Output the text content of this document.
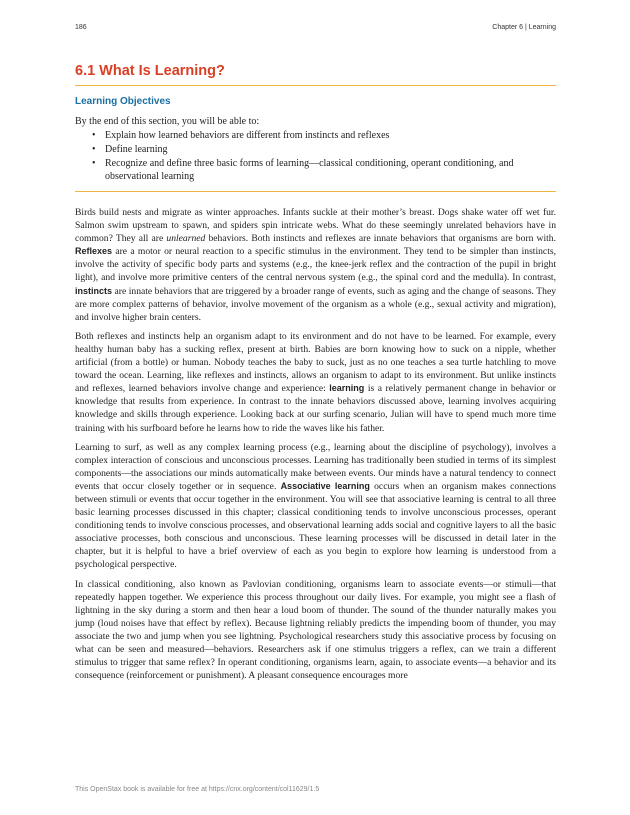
186	Chapter 6 | Learning
6.1 What Is Learning?
Learning Objectives

By the end of this section, you will be able to:

• Explain how learned behaviors are different from instincts and reflexes
• Define learning
• Recognize and define three basic forms of learning—classical conditioning, operant conditioning, and observational learning

Birds build nests and migrate as winter approaches. Infants suckle at their mother’s breast. Dogs shake water off wet fur. Salmon swim upstream to spawn, and spiders spin intricate webs. What do these seemingly unrelated behaviors have in common? They all are unlearned behaviors. Both instincts and reflexes are innate behaviors that organisms are born with. Reflexes are a motor or neural reaction to a specific stimulus in the environment. They tend to be simpler than instincts, involve the activity of specific body parts and systems (e.g., the knee-jerk reflex and the contraction of the pupil in bright light), and involve more primitive centers of the central nervous system (e.g., the spinal cord and the medulla). In contrast, instincts are innate behaviors that are triggered by a broader range of events, such as aging and the change of seasons. They are more complex patterns of behavior, involve movement of the organism as a whole (e.g., sexual activity and migration), and involve higher brain centers.

Both reflexes and instincts help an organism adapt to its environment and do not have to be learned. For example, every healthy human baby has a sucking reflex, present at birth. Babies are born knowing how to suck on a nipple, whether artificial (from a bottle) or human. Nobody teaches the baby to suck, just as no one teaches a sea turtle hatchling to move toward the ocean. Learning, like reflexes and instincts, allows an organism to adapt to its environment. But unlike instincts and reflexes, learned behaviors involve change and experience: learning is a relatively permanent change in behavior or knowledge that results from experience. In contrast to the innate behaviors discussed above, learning involves acquiring knowledge and skills through experience. Looking back at our surfing scenario, Julian will have to spend much more time training with his surfboard before he learns how to ride the waves like his father.

Learning to surf, as well as any complex learning process (e.g., learning about the discipline of psychology), involves a complex interaction of conscious and unconscious processes. Learning has traditionally been studied in terms of its simplest components—the associations our minds automatically make between events. Our minds have a natural tendency to connect events that occur closely together or in sequence. Associative learning occurs when an organism makes connections between stimuli or events that occur together in the environment. You will see that associative learning is central to all three basic learning processes discussed in this chapter; classical conditioning tends to involve unconscious processes, operant conditioning tends to involve conscious processes, and observational learning adds social and cognitive layers to all the basic associative processes, both conscious and unconscious. These learning processes will be discussed in detail later in the chapter, but it is helpful to have a brief overview of each as you begin to explore how learning is understood from a psychological perspective.

In classical conditioning, also known as Pavlovian conditioning, organisms learn to associate events—or stimuli—that repeatedly happen together. We experience this process throughout our daily lives. For example, you might see a flash of lightning in the sky during a storm and then hear a loud boom of thunder. The sound of the thunder naturally makes you jump (loud noises have that effect by reflex). Because lightning reliably predicts the impending boom of thunder, you may associate the two and jump when you see lightning. Psychological researchers study this associative process by focusing on what can be seen and measured—behaviors. Researchers ask if one stimulus triggers a reflex, can we train a different stimulus to trigger that same reflex? In operant conditioning, organisms learn, again, to associate events—a behavior and its consequence (reinforcement or punishment). A pleasant consequence encourages more

This OpenStax book is available for free at https://cnx.org/content/col11629/1.5
